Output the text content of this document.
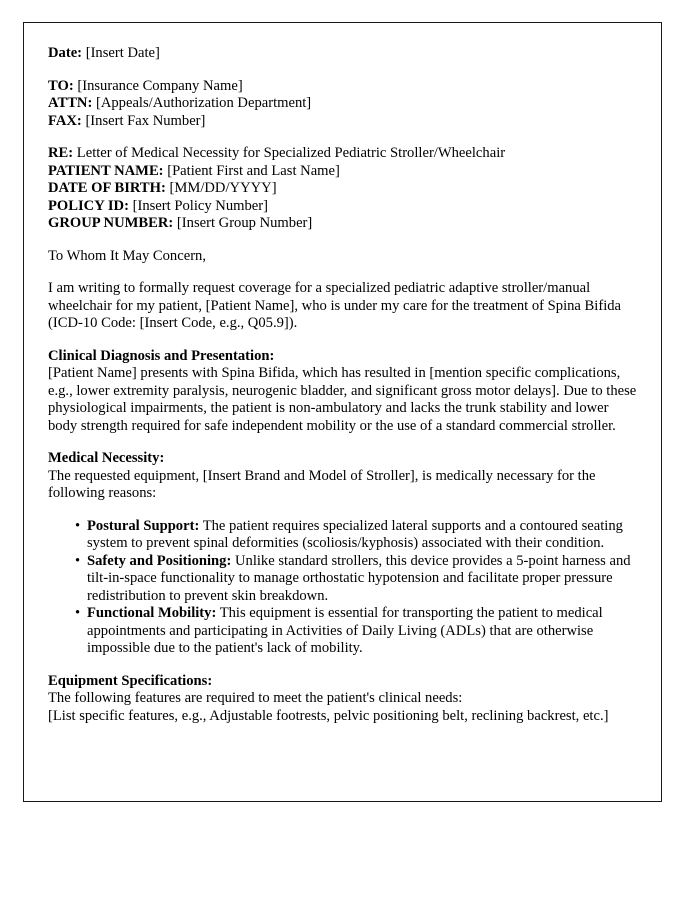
Date: [Insert Date]
TO: [Insurance Company Name]
ATTN: [Appeals/Authorization Department]
FAX: [Insert Fax Number]
RE: Letter of Medical Necessity for Specialized Pediatric Stroller/Wheelchair
PATIENT NAME: [Patient First and Last Name]
DATE OF BIRTH: [MM/DD/YYYY]
POLICY ID: [Insert Policy Number]
GROUP NUMBER: [Insert Group Number]
To Whom It May Concern,
I am writing to formally request coverage for a specialized pediatric adaptive stroller/manual wheelchair for my patient, [Patient Name], who is under my care for the treatment of Spina Bifida (ICD-10 Code: [Insert Code, e.g., Q05.9]).
Clinical Diagnosis and Presentation:
[Patient Name] presents with Spina Bifida, which has resulted in [mention specific complications, e.g., lower extremity paralysis, neurogenic bladder, and significant gross motor delays]. Due to these physiological impairments, the patient is non-ambulatory and lacks the trunk stability and lower body strength required for safe independent mobility or the use of a standard commercial stroller.
Medical Necessity:
The requested equipment, [Insert Brand and Model of Stroller], is medically necessary for the following reasons:
• Postural Support: The patient requires specialized lateral supports and a contoured seating system to prevent spinal deformities (scoliosis/kyphosis) associated with their condition.
• Safety and Positioning: Unlike standard strollers, this device provides a 5-point harness and tilt-in-space functionality to manage orthostatic hypotension and facilitate proper pressure redistribution to prevent skin breakdown.
• Functional Mobility: This equipment is essential for transporting the patient to medical appointments and participating in Activities of Daily Living (ADLs) that are otherwise impossible due to the patient's lack of mobility.
Equipment Specifications:
The following features are required to meet the patient's clinical needs:
[List specific features, e.g., Adjustable footrests, pelvic positioning belt, reclining backrest, etc.]
